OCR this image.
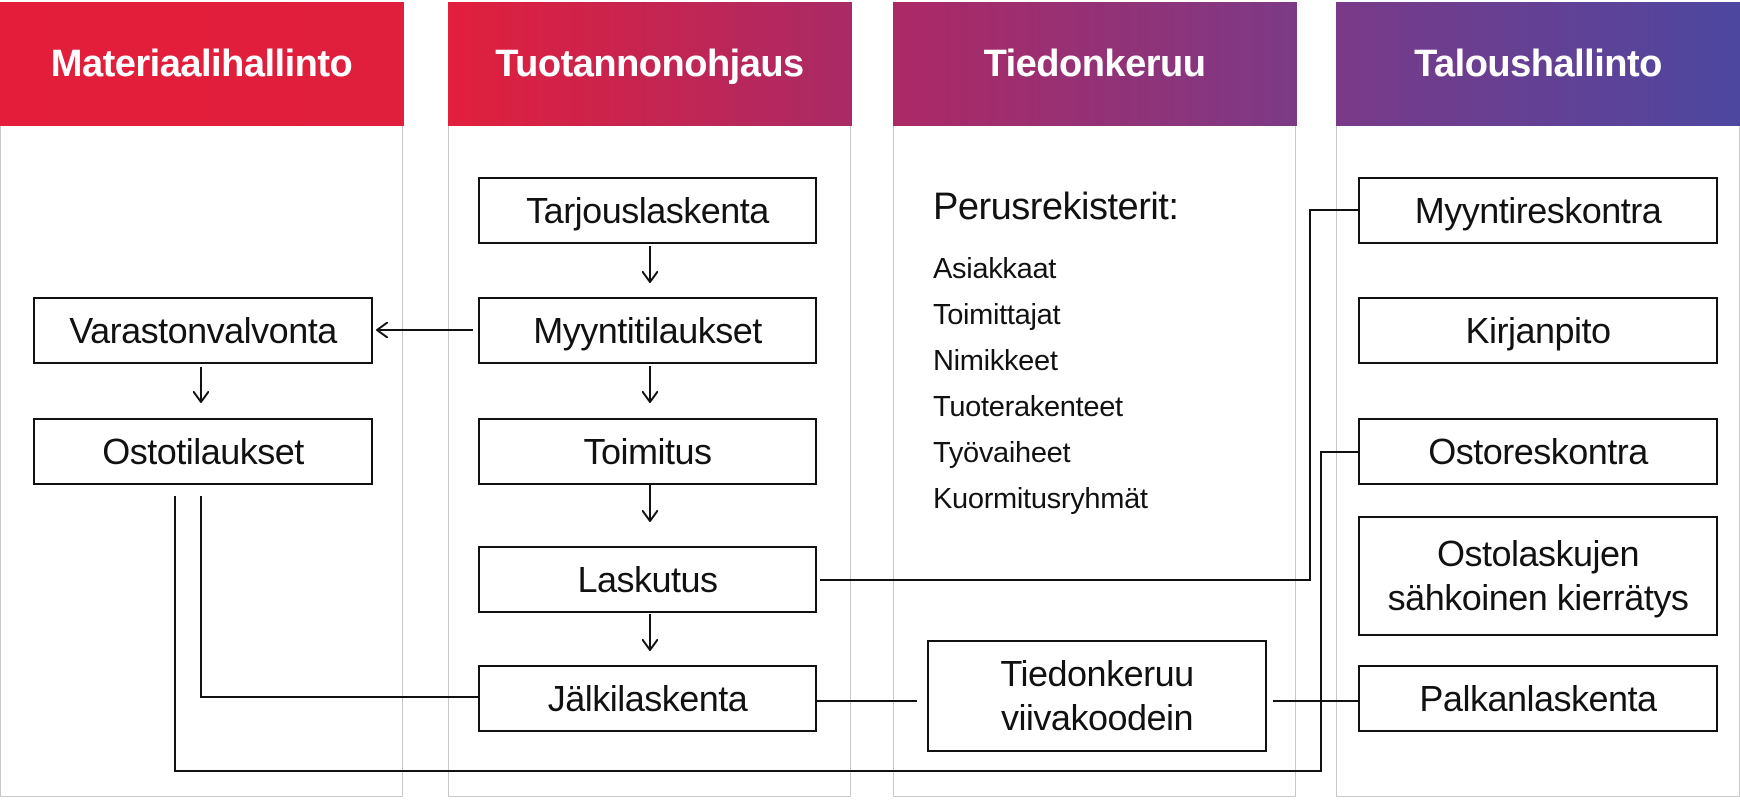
Materiaalihallinto	Tuotannonohjaus	Tiedonkeruu	Taloushallinto
Varastonvalvonta
Ostotilaukset
Tarjouslaskenta
Myyntitilaukset
Toimitus
Laskutus
Jälkilaskenta
Perusrekisterit:
Asiakkaat
Toimittajat
Nimikkeet
Tuoterakenteet
Työvaiheet
Kuormitusryhmät
Tiedonkeruu
viivakoodein
Myyntireskontra
Kirjanpito
Ostoreskontra
Ostolaskujen
sähkoinen kierrätys
Palkanlaskenta
